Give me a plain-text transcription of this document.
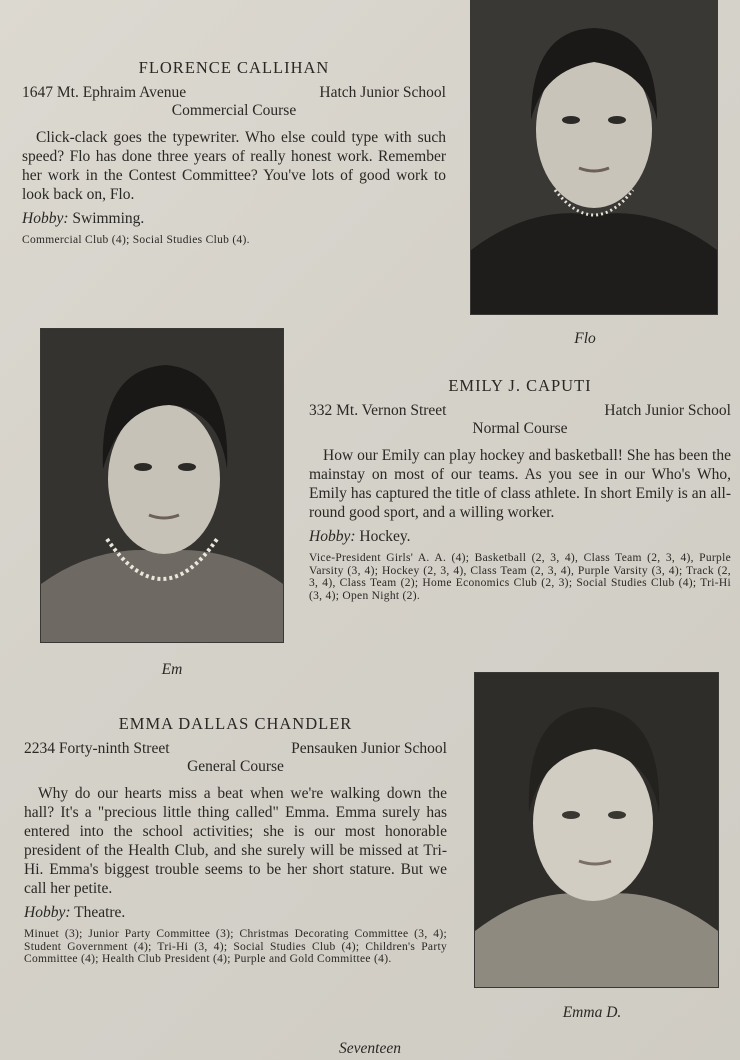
FLORENCE CALLIHAN

1647 Mt. Ephraim Avenue	Hatch Junior School

Commercial Course

Click-clack goes the typewriter. Who else could type with such speed? Flo has done three years of really honest work. Remember her work in the Contest Committee? You've lots of good work to look back on, Flo.

Hobby: Swimming.

Commercial Club (4); Social Studies Club (4).

Flo
Em

EMILY J. CAPUTI

332 Mt. Vernon Street	Hatch Junior School

Normal Course

How our Emily can play hockey and basketball! She has been the mainstay on most of our teams. As you see in our Who's Who, Emily has captured the title of class athlete. In short Emily is an all-round good sport, and a willing worker.

Hobby: Hockey.

Vice-President Girls' A. A. (4); Basketball (2, 3, 4), Class Team (2, 3, 4), Purple Varsity (3, 4); Hockey (2, 3, 4), Class Team (2, 3, 4), Purple Varsity (3, 4); Track (2, 3, 4), Class Team (2); Home Economics Club (2, 3); Social Studies Club (4); Tri-Hi (3, 4); Open Night (2).

EMMA DALLAS CHANDLER

2234 Forty-ninth Street	Pensauken Junior School

General Course

Why do our hearts miss a beat when we're walking down the hall? It's a "precious little thing called" Emma. Emma surely has entered into the school activities; she is our most honorable president of the Health Club, and she surely will be missed at Tri-Hi. Emma's biggest trouble seems to be her short stature. But we call her petite.

Hobby: Theatre.

Minuet (3); Junior Party Committee (3); Christmas Decorating Committee (3, 4); Student Government (4); Tri-Hi (3, 4); Social Studies Club (4); Children's Party Committee (4); Health Club President (4); Purple and Gold Committee (4).

Emma D.
Seventeen
